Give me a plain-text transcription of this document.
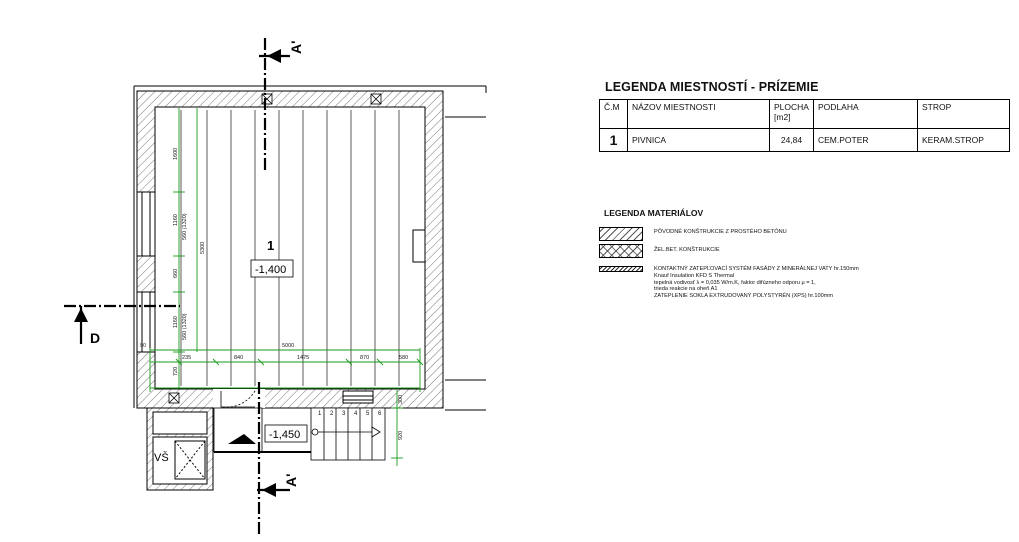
1600
1160 560 (1320)
660
1160 560 (1320)
720
5300
90	5000
235	840	1475	870	580
300
920
VŠ
1 2 3 4 5 6
-1,400
1
-1,450
A'
A'
D
LEGENDA MIESTNOSTÍ - PRÍZEMIE
Č.M	NÁZOV MIESTNOSTI	PLOCHA [m2]	PODLAHA	STROP
1	PIVNICA	24,84	CEM.POTER	KERAM.STROP
LEGENDA MATERIÁLOV
PÔVODNÉ KONŠTRUKCIE Z PROSTÉHO BETÓNU
ŽEL.BET. KONŠTRUKCIE
KONTAKTNÝ ZATEPĽOVACÍ SYSTÉM FASÁDY Z MINERÁLNEJ VATY hr.150mm
Knauf Insulation KFD S Thermal
tepelná vodivosť λ = 0,035 W/m.K, faktor difúzneho odporu μ = 1,
trieda reakcie na oheň A1
ZATEPLENIE SOKLA EXTRUDOVANÝ POLYSTYRÉN (XPS) hr.100mm
